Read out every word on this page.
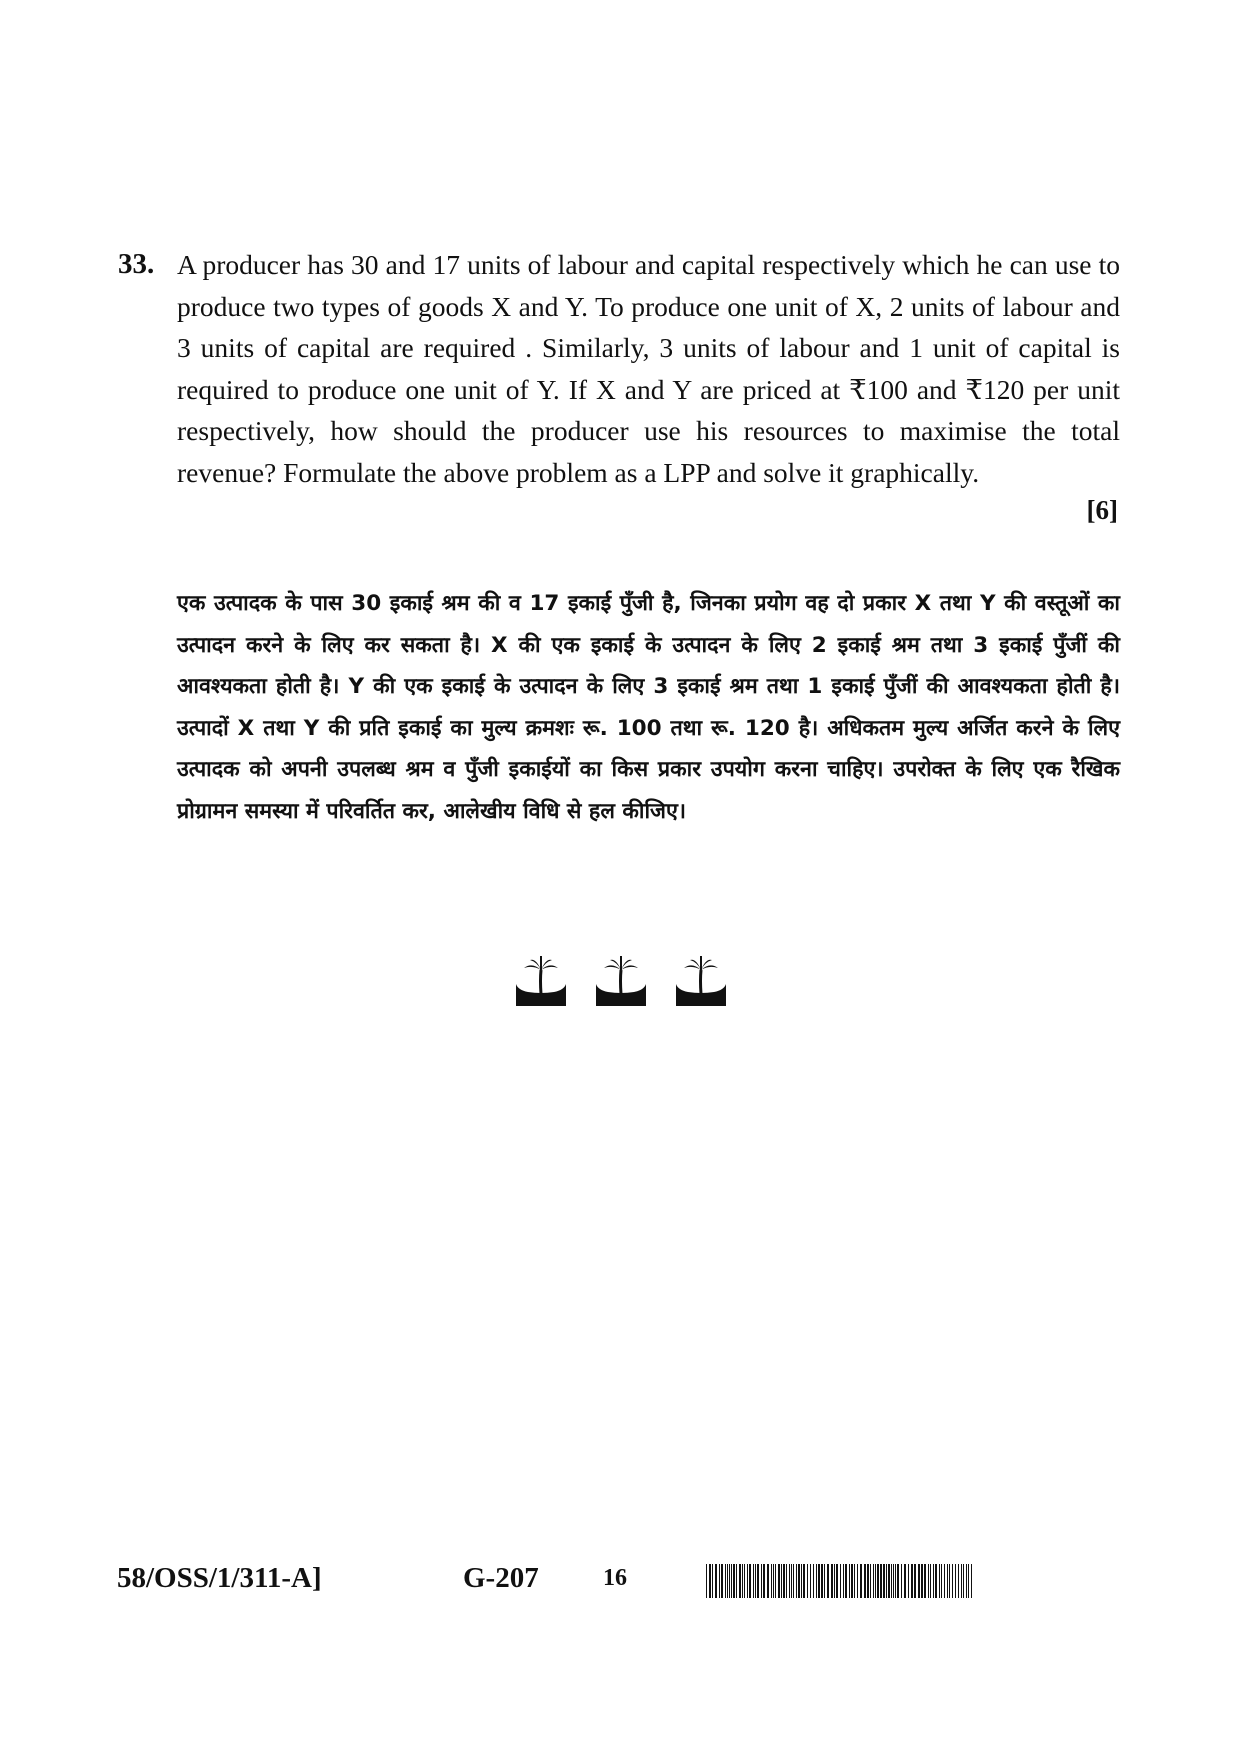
33. A producer has 30 and 17 units of labour and capital respectively which he can use to produce two types of goods X and Y. To produce one unit of X, 2 units of labour and 3 units of capital are required . Similarly, 3 units of labour and 1 unit of capital is required to produce one unit of Y. If X and Y are priced at ₹100 and ₹120 per unit respectively, how should the producer use his resources to maximise the total revenue? Formulate the above problem as a LPP and solve it graphically.
[6]
एक उत्पादक के पास 30 इकाई श्रम की व 17 इकाई पुँजी है, जिनका प्रयोग वह दो प्रकार X तथा Y की वस्तूओं का उत्पादन करने के लिए कर सकता है। X की एक इकाई के उत्पादन के लिए 2 इकाई श्रम तथा 3 इकाई पुँजीं की आवश्यकता होती है। Y की एक इकाई के उत्पादन के लिए 3 इकाई श्रम तथा 1 इकाई पुँजीं की आवश्यकता होती है। उत्पादों X तथा Y की प्रति इकाई का मुल्य क्रमशः रू. 100 तथा रू. 120 है। अधिकतम मुल्य अर्जित करने के लिए उत्पादक को अपनी उपलब्ध श्रम व पुँजी इकाईयों का किस प्रकार उपयोग करना चाहिए। उपरोक्त के लिए एक रैखिक प्रोग्रामन समस्या में परिवर्तित कर, आलेखीय विधि से हल कीजिए।
58/OSS/1/311-A]	G-207	16
